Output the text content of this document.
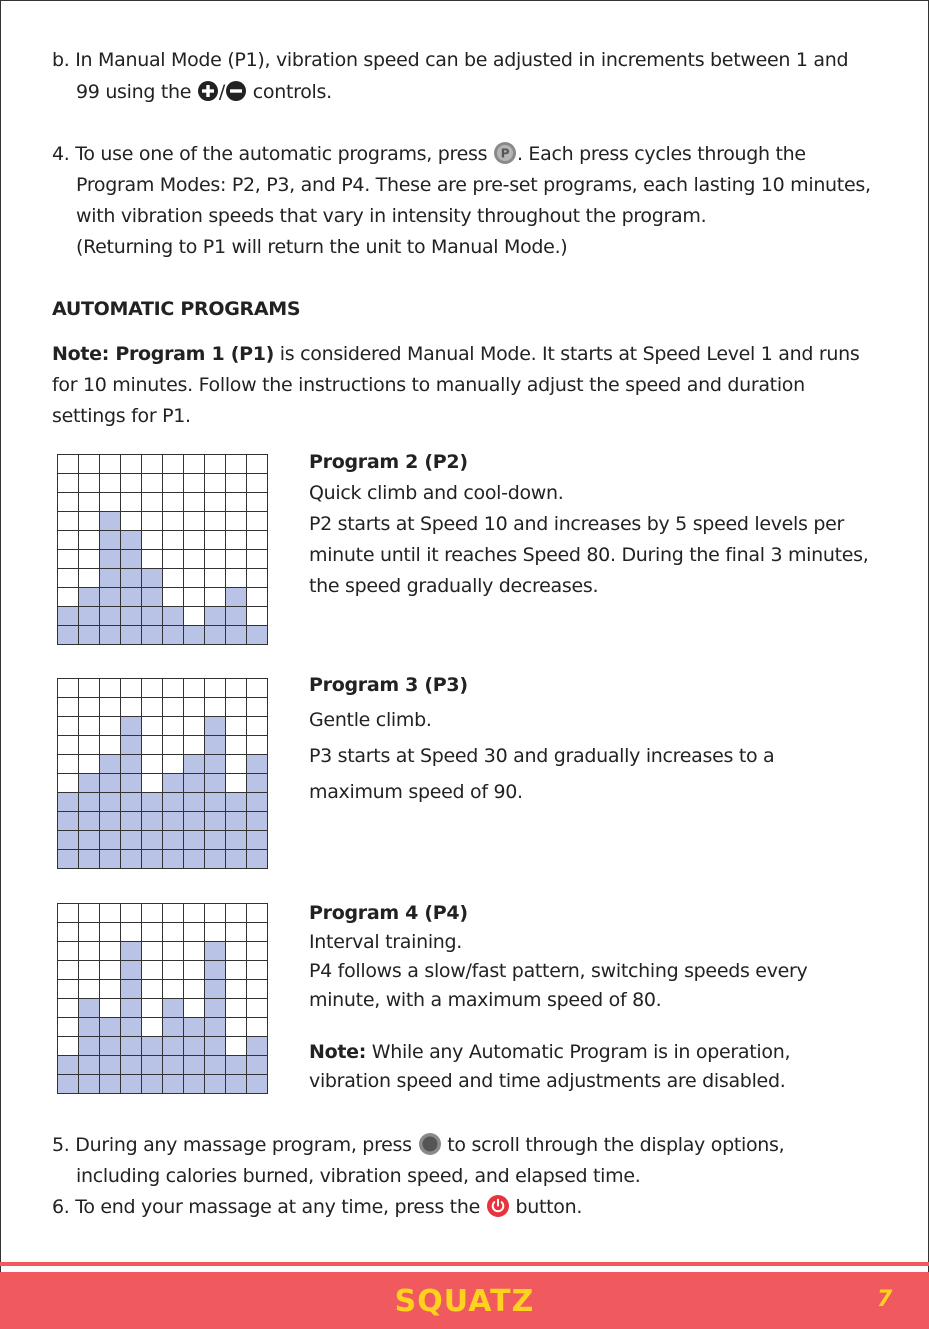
b. In Manual Mode (P1), vibration speed can be adjusted in increments between 1 and
99 using the / controls.
4. To use one of the automatic programs, press P . Each press cycles through the
Program Modes: P2, P3, and P4. These are pre-set programs, each lasting 10 minutes,
with vibration speeds that vary in intensity throughout the program.
(Returning to P1 will return the unit to Manual Mode.)
AUTOMATIC PROGRAMS
Note: Program 1 (P1) is considered Manual Mode. It starts at Speed Level 1 and runs
for 10 minutes. Follow the instructions to manually adjust the speed and duration
settings for P1.

Program 2 (P2)
Quick climb and cool-down.
P2 starts at Speed 10 and increases by 5 speed levels per
minute until it reaches Speed 80. During the final 3 minutes,
the speed gradually decreases.

Program 3 (P3)
Gentle climb.
P3 starts at Speed 30 and gradually increases to a
maximum speed of 90.

Program 4 (P4)
Interval training.
P4 follows a slow/fast pattern, switching speeds every
minute, with a maximum speed of 80.
Note: While any Automatic Program is in operation,
vibration speed and time adjustments are disabled.
5. During any massage program, press to scroll through the display options,
including calories burned, vibration speed, and elapsed time.
6. To end your massage at any time, press the button.
SQUATZ	7
